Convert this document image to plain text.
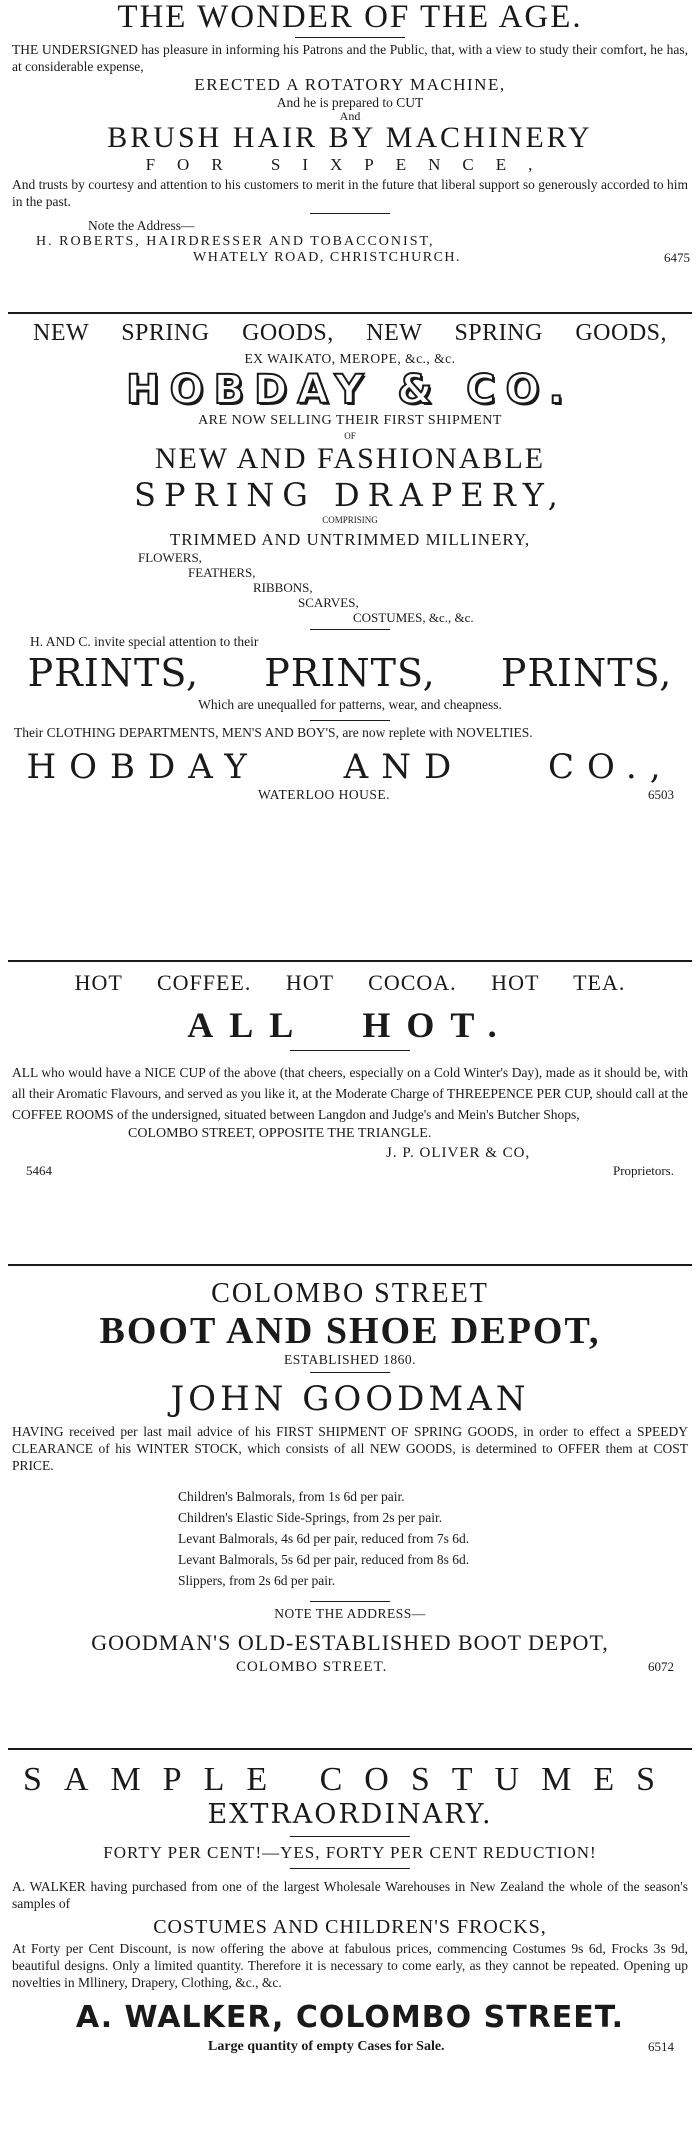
THE WONDER OF THE AGE.

THE UNDERSIGNED has pleasure in informing his Patrons and the Public, that, with a view to study their comfort, he has, at considerable expense,

ERECTED A ROTATORY MACHINE,
And he is prepared to CUT
And
BRUSH HAIR BY MACHINERY
FOR SIXPENCE,

And trusts by courtesy and attention to his customers to merit in the future that liberal support so generously accorded to him in the past.

Note the Address—
H. ROBERTS, HAIRDRESSER AND TOBACCONIST,
WHATELY ROAD, CHRISTCHURCH.	6475
NEW SPRING GOODS, NEW SPRING GOODS,
EX WAIKATO, MEROPE, &c., &c.
HOBDAY & CO.
ARE NOW SELLING THEIR FIRST SHIPMENT
OF
NEW AND FASHIONABLE
SPRING DRAPERY,
COMPRISING
TRIMMED AND UNTRIMMED MILLINERY,
FLOWERS,
FEATHERS,
RIBBONS,
SCARVES,
COSTUMES, &c., &c.
H. AND C. invite special attention to their
PRINTS, PRINTS, PRINTS,
Which are unequalled for patterns, wear, and cheapness.

Their CLOTHING DEPARTMENTS, MEN'S AND BOY'S, are now replete with NOVELTIES.

HOBDAY AND CO.,
WATERLOO HOUSE.	6503
HOT COFFEE. HOT COCOA. HOT TEA.
ALL HOT.

ALL who would have a NICE CUP of the above (that cheers, especially on a Cold Winter's Day), made as it should be, with all their Aromatic Flavours, and served as you like it, at the Moderate Charge of THREEPENCE PER CUP, should call at the COFFEE ROOMS of the undersigned, situated between Langdon and Judge's and Mein's Butcher Shops,

COLOMBO STREET, OPPOSITE THE TRIANGLE.
J. P. OLIVER & CO,
5464	Proprietors.
COLOMBO STREET
BOOT AND SHOE DEPOT,
ESTABLISHED 1860.
JOHN GOODMAN

HAVING received per last mail advice of his FIRST SHIPMENT OF SPRING GOODS, in order to effect a SPEEDY CLEARANCE of his WINTER STOCK, which consists of all NEW GOODS, is determined to OFFER them at COST PRICE.

Children's Balmorals, from 1s 6d per pair.
Children's Elastic Side-Springs, from 2s per pair.
Levant Balmorals, 4s 6d per pair, reduced from 7s 6d.
Levant Balmorals, 5s 6d per pair, reduced from 8s 6d.
Slippers, from 2s 6d per pair.
NOTE THE ADDRESS—
GOODMAN'S OLD-ESTABLISHED BOOT DEPOT,
COLOMBO STREET.	6072
SAMPLE COSTUMES
EXTRAORDINARY.
FORTY PER CENT!—YES, FORTY PER CENT REDUCTION!

A. WALKER having purchased from one of the largest Wholesale Warehouses in New Zealand the whole of the season's samples of

COSTUMES AND CHILDREN'S FROCKS,

At Forty per Cent Discount, is now offering the above at fabulous prices, commencing Costumes 9s 6d, Frocks 3s 9d, beautiful designs. Only a limited quantity. Therefore it is necessary to come early, as they cannot be repeated. Opening up novelties in Mllinery, Drapery, Clothing, &c., &c.

A. WALKER, COLOMBO STREET.
Large quantity of empty Cases for Sale.	6514
